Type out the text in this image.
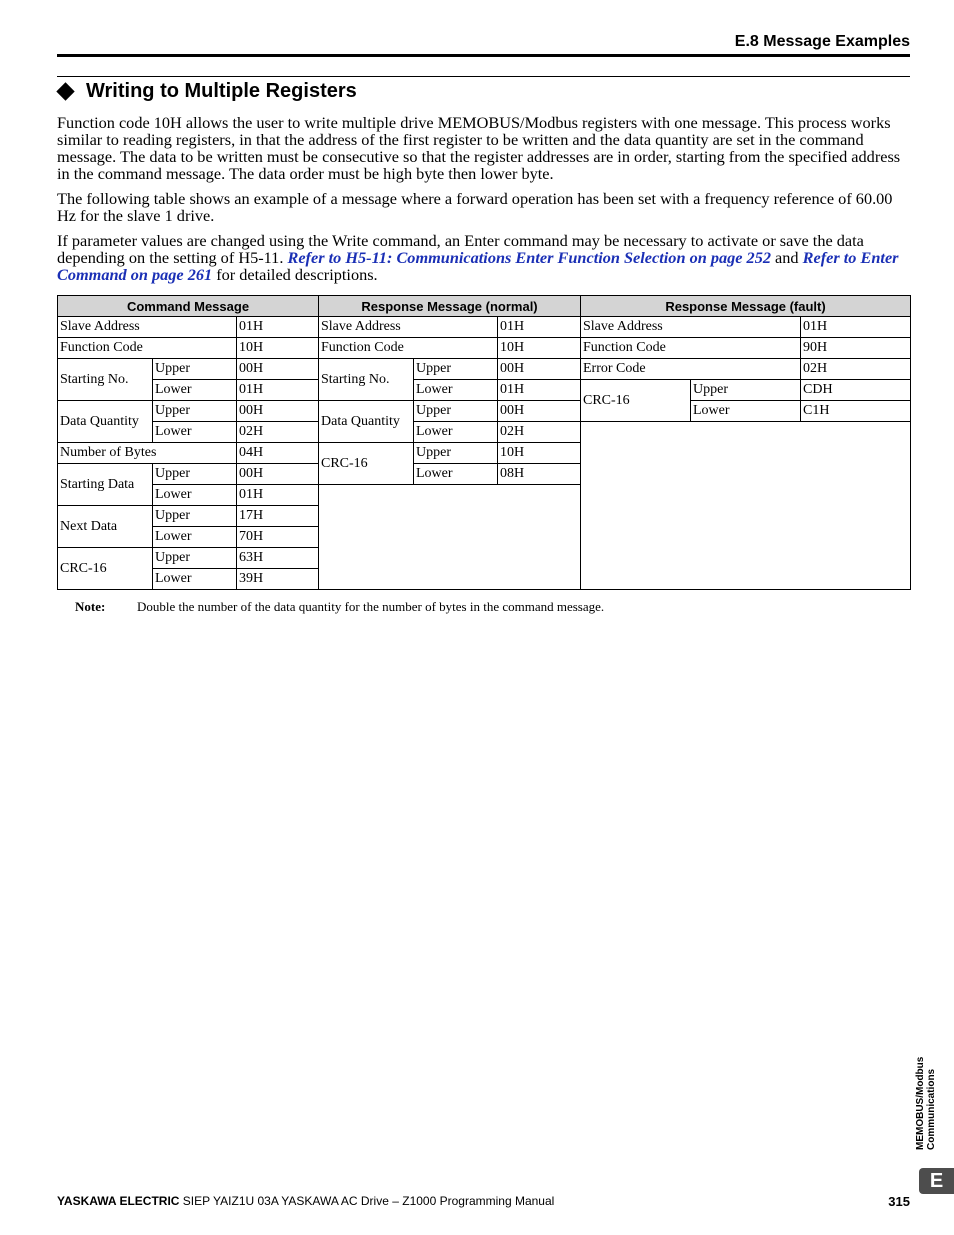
E.8 Message Examples
Writing to Multiple Registers

Function code 10H allows the user to write multiple drive MEMOBUS/Modbus registers with one message. This process works similar to reading registers, in that the address of the first register to be written and the data quantity are set in the command message. The data to be written must be consecutive so that the register addresses are in order, starting from the specified address in the command message. The data order must be high byte then lower byte.

The following table shows an example of a message where a forward operation has been set with a frequency reference of 60.00 Hz for the slave 1 drive.

If parameter values are changed using the Write command, an Enter command may be necessary to activate or save the data depending on the setting of H5-11. Refer to H5-11: Communications Enter Function Selection on page 252 and Refer to Enter Command on page 261 for detailed descriptions.

Command Message			Response Message (normal)			Response Message (fault)		
Slave Address		01H	Slave Address		01H	Slave Address		01H
Function Code		10H	Function Code		10H	Function Code		90H
Starting No.	Upper	00H	Starting No.	Upper	00H	Error Code		02H
	Lower	01H		Lower	01H	CRC-16	Upper	CDH
Data Quantity	Upper	00H	Data Quantity	Upper	00H		Lower	C1H
	Lower	02H		Lower	02H			
Number of Bytes		04H	CRC-16	Upper	10H			
Starting Data	Upper	00H		Lower	08H			
	Lower	01H						
Next Data	Upper	17H						
	Lower	70H						
CRC-16	Upper	63H						
	Lower	39H						
Note: Double the number of the data quantity for the number of bytes in the command message.
MEMOBUS/Modbus Communications
E
YASKAWA ELECTRIC SIEP YAIZ1U 03A YASKAWA AC Drive – Z1000 Programming Manual	315
